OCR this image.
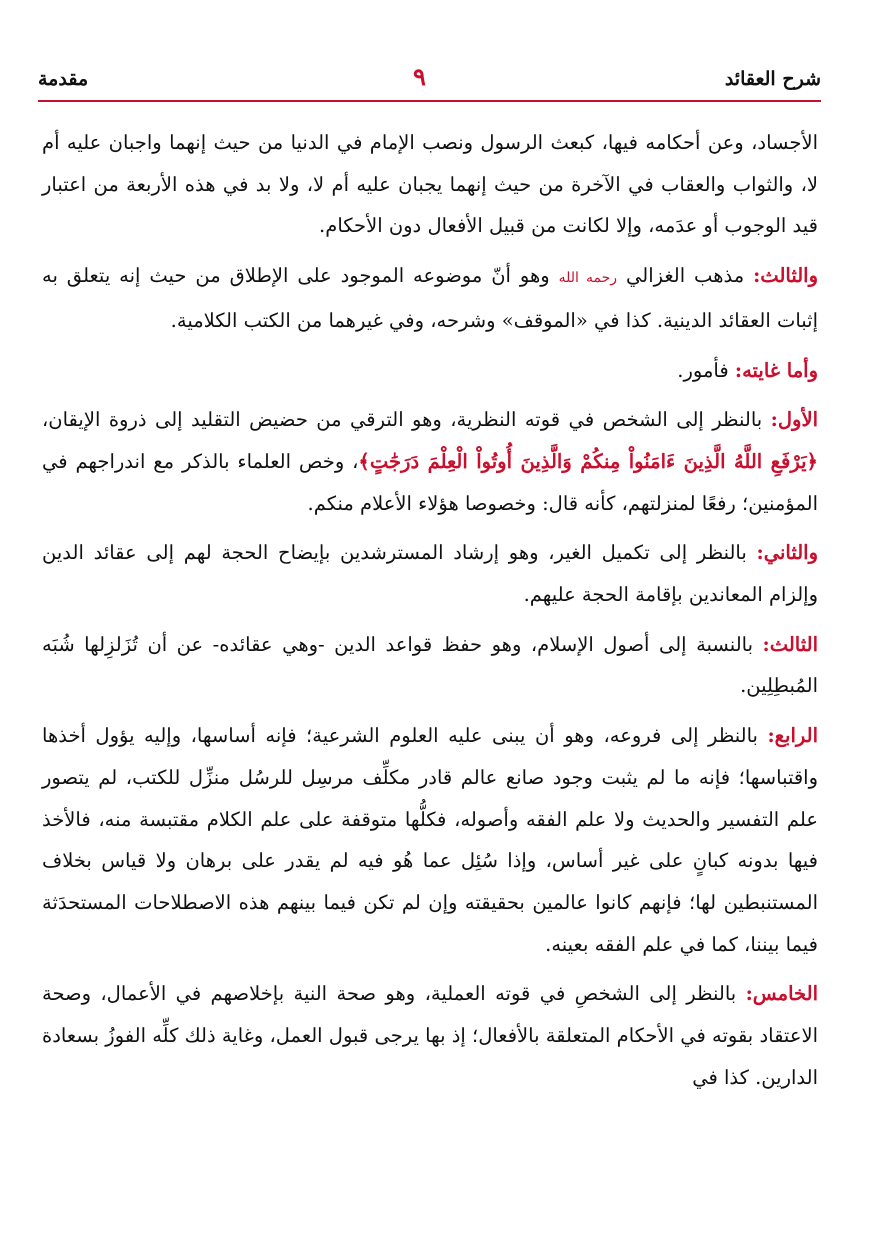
شرح العقائد
٩
مقدمة

الأجساد، وعن أحكامه فيها، كبعث الرسول ونصب الإمام في الدنيا من حيث إنهما واجبان عليه أم لا، والثواب والعقاب في الآخرة من حيث إنهما يجبان عليه أم لا، ولا بد في هذه الأربعة من اعتبار قيد الوجوب أو عدَمه، وإلا لكانت من قبيل الأفعال دون الأحكام.

والثالث: مذهب الغزالي رحمه الله وهو أنّ موضوعه الموجود على الإطلاق من حيث إنه يتعلق به إثبات العقائد الدينية. كذا في «الموقف» وشرحه، وفي غيرهما من الكتب الكلامية.

وأما غايته: فأمور.

الأول: بالنظر إلى الشخص في قوته النظرية، وهو الترقي من حضيض التقليد إلى ذروة الإيقان، ﴿يَرْفَعِ اللَّهُ الَّذِينَ ءَامَنُواْ مِنكُمْ وَالَّذِينَ أُوتُواْ الْعِلْمَ دَرَجَٰتٍ﴾، وخص العلماء بالذكر مع اندراجهم في المؤمنين؛ رفعًا لمنزلتهم، كأنه قال: وخصوصا هؤلاء الأعلام منكم.

والثاني: بالنظر إلى تكميل الغير، وهو إرشاد المسترشدين بإيضاح الحجة لهم إلى عقائد الدين وإلزام المعاندين بإقامة الحجة عليهم.

الثالث: بالنسبة إلى أصول الإسلام، وهو حفظ قواعد الدين -وهي عقائده- عن أن تُزَلزِلها شُبَه المُبطِلِين.

الرابع: بالنظر إلى فروعه، وهو أن يبنى عليه العلوم الشرعية؛ فإنه أساسها، وإليه يؤول أخذها واقتباسها؛ فإنه ما لم يثبت وجود صانع عالم قادر مكلِّف مرسِل للرسُل منزِّل للكتب، لم يتصور علم التفسير والحديث ولا علم الفقه وأصوله، فكلُّها متوقفة على علم الكلام مقتبسة منه، فالأخذ فيها بدونه كبانٍ على غير أساس، وإذا سُئِل عما هُو فيه لم يقدر على برهان ولا قياس بخلاف المستنبطين لها؛ فإنهم كانوا عالمين بحقيقته وإن لم تكن فيما بينهم هذه الاصطلاحات المستحدَثة فيما بيننا، كما في علم الفقه بعينه.

الخامس: بالنظر إلى الشخصِ في قوته العملية، وهو صحة النية بإخلاصهم في الأعمال، وصحة الاعتقاد بقوته في الأحكام المتعلقة بالأفعال؛ إذ بها يرجى قبول العمل، وغاية ذلك كلِّه الفوزُ بسعادة الدارين. كذا في
